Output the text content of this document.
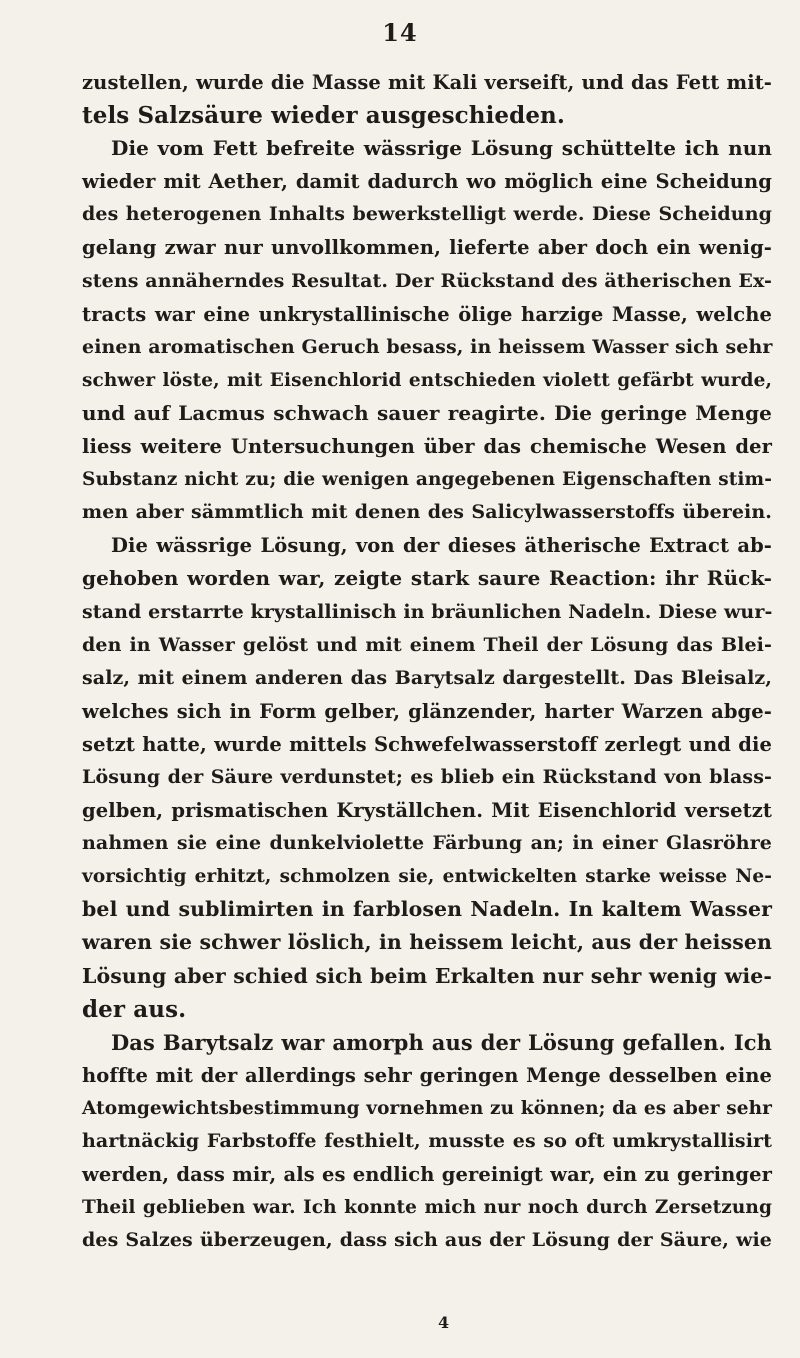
14
zustellen, wurde die Masse mit Kali verseift, und das Fett mit-
tels Salzsäure wieder ausgeschieden.
Die vom Fett befreite wässrige Lösung schüttelte ich nun
wieder mit Aether, damit dadurch wo möglich eine Scheidung
des heterogenen Inhalts bewerkstelligt werde. Diese Scheidung
gelang zwar nur unvollkommen, lieferte aber doch ein wenig-
stens annäherndes Resultat. Der Rückstand des ätherischen Ex-
tracts war eine unkrystallinische ölige harzige Masse, welche
einen aromatischen Geruch besass, in heissem Wasser sich sehr
schwer löste, mit Eisenchlorid entschieden violett gefärbt wurde,
und auf Lacmus schwach sauer reagirte. Die geringe Menge
liess weitere Untersuchungen über das chemische Wesen der
Substanz nicht zu; die wenigen angegebenen Eigenschaften stim-
men aber sämmtlich mit denen des Salicylwasserstoffs überein.
Die wässrige Lösung, von der dieses ätherische Extract ab-
gehoben worden war, zeigte stark saure Reaction: ihr Rück-
stand erstarrte krystallinisch in bräunlichen Nadeln. Diese wur-
den in Wasser gelöst und mit einem Theil der Lösung das Blei-
salz, mit einem anderen das Barytsalz dargestellt. Das Bleisalz,
welches sich in Form gelber, glänzender, harter Warzen abge-
setzt hatte, wurde mittels Schwefelwasserstoff zerlegt und die
Lösung der Säure verdunstet; es blieb ein Rückstand von blass-
gelben, prismatischen Kryställchen. Mit Eisenchlorid versetzt
nahmen sie eine dunkelviolette Färbung an; in einer Glasröhre
vorsichtig erhitzt, schmolzen sie, entwickelten starke weisse Ne-
bel und sublimirten in farblosen Nadeln. In kaltem Wasser
waren sie schwer löslich, in heissem leicht, aus der heissen
Lösung aber schied sich beim Erkalten nur sehr wenig wie-
der aus.
Das Barytsalz war amorph aus der Lösung gefallen. Ich
hoffte mit der allerdings sehr geringen Menge desselben eine
Atomgewichtsbestimmung vornehmen zu können; da es aber sehr
hartnäckig Farbstoffe festhielt, musste es so oft umkrystallisirt
werden, dass mir, als es endlich gereinigt war, ein zu geringer
Theil geblieben war. Ich konnte mich nur noch durch Zersetzung
des Salzes überzeugen, dass sich aus der Lösung der Säure, wie
4
